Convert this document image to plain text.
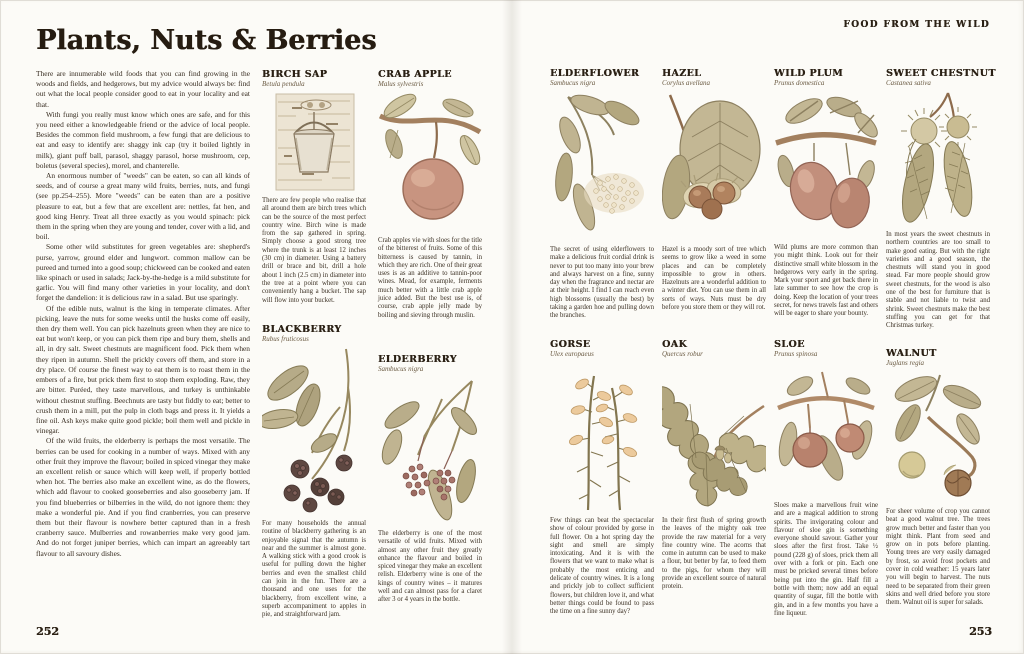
Plants, Nuts & Berries

There are innumerable wild foods that you can find growing in the woods and fields, and hedgerows, but my advice would always be: find out what the local people consider good to eat in your locality and eat that.

With fungi you really must know which ones are safe, and for this you need either a knowledgeable friend or the advice of local people. Besides the common field mushroom, a few fungi that are delicious to eat and easy to identify are: shaggy ink cap (try it boiled lightly in milk), giant puff ball, parasol, shaggy parasol, horse mushroom, cep, boletus (several species), morel, and chanterelle.

An enormous number of "weeds" can be eaten, so can all kinds of seeds, and of course a great many wild fruits, berries, nuts, and fungi (see pp.254–255). More "weeds" can be eaten than are a positive pleasure to eat, but a few that are excellent are: nettles, fat hen, and good king Henry. Treat all three exactly as you would spinach: pick them in the spring when they are young and tender, cover with a lid, and boil.

Some other wild substitutes for green vegetables are: shepherd's purse, yarrow, ground elder and lungwort. common mallow can be pureed and turned into a good soup; chickweed can be cooked and eaten like spinach or used in salads; Jack-by-the-hedge is a mild substitute for garlic. You will find many other varieties in your locality, and don't forget the dandelion: it is delicious raw in a salad. But use sparingly.

Of the edible nuts, walnut is the king in temperate climates. After picking, leave the nuts for some weeks until the husks come off easily, then dry them well. You can pick hazelnuts green when they are nice to eat but won't keep, or you can pick them ripe and bury them, shells and all, in dry salt. Sweet chestnuts are magnificent food. Pick them when they ripen in autumn. Shell the prickly covers off them, and store in a dry place. Of course the finest way to eat them is to roast them in the embers of a fire, but prick them first to stop them exploding. Raw, they are bitter. Puréed, they taste marvellous, and turkey is unthinkable without chestnut stuffing. Beechnuts are tasty but fiddly to eat; better to crush them in a mill, put the pulp in cloth bags and press it. It yields a fine oil. Ash keys make quite good pickle; boil them well and pickle in vinegar.

Of the wild fruits, the elderberry is perhaps the most versatile. The berries can be used for cooking in a number of ways. Mixed with any other fruit they improve the flavour; boiled in spiced vinegar they make an excellent relish or sauce which will keep well, if properly bottled when hot. The berries also make an excellent wine, as do the flowers, which add flavour to cooked gooseberries and also gooseberry jam. If you find blueberries or bilberries in the wild, do not ignore them: they make a wonderful pie. And if you find cranberries, you can preserve them but their flavour is nowhere better captured than in a fresh cranberry sauce. Mulberries and rowanberries make very good jam. And do not forget juniper berries, which can impart an agreeably tart flavour to all savoury dishes.

BIRCH SAP
Betula pendula

There are few people who realise that all around them are birch trees which can be the source of the most perfect country wine. Birch wine is made from the sap gathered in spring. Simply choose a good strong tree where the trunk is at least 12 inches (30 cm) in diameter. Using a battery drill or brace and bit, drill a hole about 1 inch (2.5 cm) in diameter into the tree at a point where you can conveniently hang a bucket. The sap will flow into your bucket.

BLACKBERRY
Rubus fruticosus

For many households the annual routine of blackberry gathering is an enjoyable signal that the autumn is near and the summer is almost gone. A walking stick with a good crook is useful for pulling down the higher berries and even the smallest child can join in the fun. There are a thousand and one uses for the blackberry, from excellent wine, a superb accompaniment to apples in pie, and straightforward jam.

CRAB APPLE
Malus sylvestris

Crab apples vie with sloes for the title of the bitterest of fruits. Some of this bitterness is caused by tannin, in which they are rich. One of their great uses is as an additive to tannin-poor wines. Mead, for example, ferments much better with a little crab apple juice added. But the best use is, of course, crab apple jelly made by boiling and sieving through muslin.

ELDERBERRY
Sambucus nigra

The elderberry is one of the most versatile of wild fruits. Mixed with almost any other fruit they greatly enhance the flavour and boiled in spiced vinegar they make an excellent relish. Elderberry wine is one of the kings of country wines – it matures well and can almost pass for a claret after 3 or 4 years in the bottle.

252
FOOD FROM THE WILD
ELDERFLOWER
Sambucus nigra

The secret of using elderflowers to make a delicious fruit cordial drink is never to put too many into your brew and always harvest on a fine, sunny day when the fragrance and nectar are at their height. I find I can reach even high blossoms (usually the best) by taking a garden hoe and pulling down the branches.

GORSE
Ulex europaeus

Few things can beat the spectacular show of colour provided by gorse in full flower. On a hot spring day the sight and smell are simply intoxicating. And it is with the flowers that we want to make what is probably the most enticing and delicate of country wines. It is a long and prickly job to collect sufficient flowers, but children love it, and what better things could be found to pass the time on a fine sunny day?

HAZEL
Corylus avellana

Hazel is a moody sort of tree which seems to grow like a weed in some places and can be completely impossible to grow in others. Hazelnuts are a wonderful addition to a winter diet. You can use them in all sorts of ways. Nuts must be dry before you store them or they will rot.

OAK
Quercus robur

In their first flush of spring growth the leaves of the mighty oak tree provide the raw material for a very fine country wine. The acorns that come in autumn can be used to make a flour, but better by far, to feed them to the pigs, for whom they will provide an excellent source of natural protein.

WILD PLUM
Prunus domestica

Wild plums are more common than you might think. Look out for their distinctive small white blossom in the hedgerows very early in the spring. Mark your sport and get back there in late summer to see how the crop is doing. Keep the location of your trees secret, for news travels fast and others will be eager to share your bounty.

SLOE
Prunus spinosa

Sloes make a marvellous fruit wine and are a magical addition to strong spirits. The invigorating colour and flavour of sloe gin is something everyone should savour. Gather your sloes after the first frost. Take ½ pound (228 g) of sloes, prick them all over with a fork or pin. Each one must be pricked several times before being put into the gin. Half fill a bottle with them; now add an equal quantity of sugar, fill the bottle with gin, and in a few months you have a fine liqueur.

SWEET CHESTNUT
Castanea sativa

In most years the sweet chestnuts in northern countries are too small to make good eating. But with the right varieties and a good season, the chestnuts will stand you in good stead. Far more people should grow sweet chestnuts, for the wood is also one of the best for furniture that is stable and not liable to twist and shrink. Sweet chestnuts make the best stuffing you can get for that Christmas turkey.

WALNUT
Juglans regia

For sheer volume of crop you cannot beat a good walnut tree. The trees grow much better and faster than you might think. Plant from seed and grow on in pots before planting. Young trees are very easily damaged by frost, so avoid frost pockets and cover in cold weather: 15 years later you will begin to harvest. The nuts need to be separated from their green skins and well dried before you store them. Walnut oil is super for salads.

253
